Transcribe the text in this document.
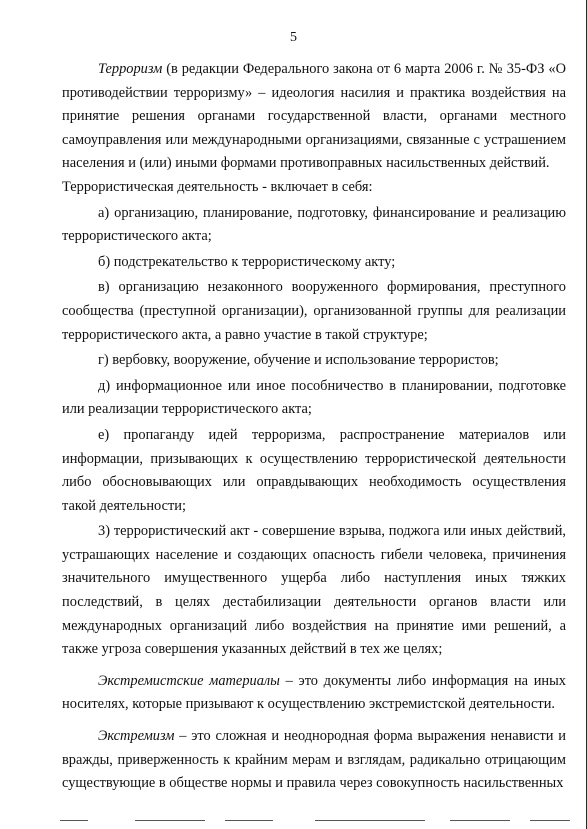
5

Терроризм (в редакции Федерального закона от 6 марта 2006 г. № 35-ФЗ «О противодействии терроризму» – идеология насилия и практика воздействия на принятие решения органами государственной власти, органами местного самоуправления или международными организациями, связанные с устрашением населения и (или) иными формами противоправных насильственных действий.

Террористическая деятельность - включает в себя:

а) организацию, планирование, подготовку, финансирование и реализацию террористического акта;

б) подстрекательство к террористическому акту;

в) организацию незаконного вооруженного формирования, преступного сообщества (преступной организации), организованной группы для реализации террористического акта, а равно участие в такой структуре;

г) вербовку, вооружение, обучение и использование террористов;

д) информационное или иное пособничество в планировании, подготовке или реализации террористического акта;

е) пропаганду идей терроризма, распространение материалов или информации, призывающих к осуществлению террористической деятельности либо обосновывающих или оправдывающих необходимость осуществления такой деятельности;

3) террористический акт - совершение взрыва, поджога или иных действий, устрашающих население и создающих опасность гибели человека, причинения значительного имущественного ущерба либо наступления иных тяжких последствий, в целях дестабилизации деятельности органов власти или международных организаций либо воздействия на принятие ими решений, а также угроза совершения указанных действий в тех же целях;

Экстремистские материалы – это документы либо информация на иных носителях, которые призывают к осуществлению экстремистской деятельности.

Экстремизм – это сложная и неоднородная форма выражения ненависти и вражды, приверженность к крайним мерам и взглядам, радикально отрицающим существующие в обществе нормы и правила через совокупность насильственных
